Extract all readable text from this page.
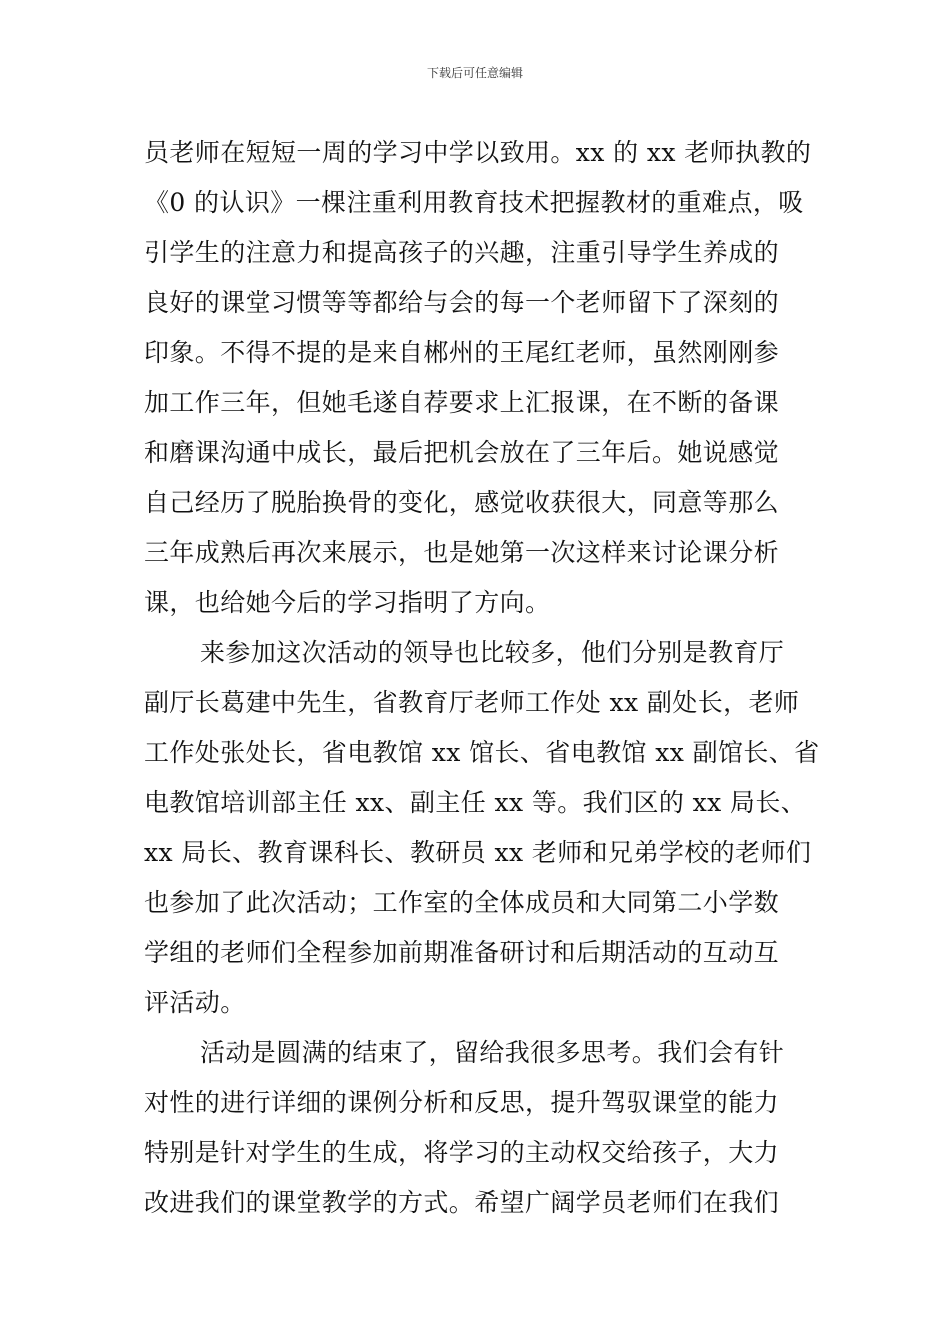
下载后可任意编辑
员老师在短短一周的学习中学以致用。xx 的 xx 老师执教的
《0 的认识》一棵注重利用教育技术把握教材的重难点，吸
引学生的注意力和提高孩子的兴趣，注重引导学生养成的
良好的课堂习惯等等都给与会的每一个老师留下了深刻的
印象。不得不提的是来自郴州的王尾红老师，虽然刚刚参
加工作三年，但她毛遂自荐要求上汇报课，在不断的备课
和磨课沟通中成长，最后把机会放在了三年后。她说感觉
自己经历了脱胎换骨的变化，感觉收获很大，同意等那么
三年成熟后再次来展示，也是她第一次这样来讨论课分析
课，也给她今后的学习指明了方向。
来参加这次活动的领导也比较多，他们分别是教育厅
副厅长葛建中先生，省教育厅老师工作处 xx 副处长，老师
工作处张处长，省电教馆 xx 馆长、省电教馆 xx 副馆长、省
电教馆培训部主任 xx、副主任 xx 等。我们区的 xx 局长、
xx 局长、教育课科长、教研员 xx 老师和兄弟学校的老师们
也参加了此次活动；工作室的全体成员和大同第二小学数
学组的老师们全程参加前期准备研讨和后期活动的互动互
评活动。
活动是圆满的结束了，留给我很多思考。我们会有针
对性的进行详细的课例分析和反思，提升驾驭课堂的能力
特别是针对学生的生成，将学习的主动权交给孩子，大力
改进我们的课堂教学的方式。希望广阔学员老师们在我们
